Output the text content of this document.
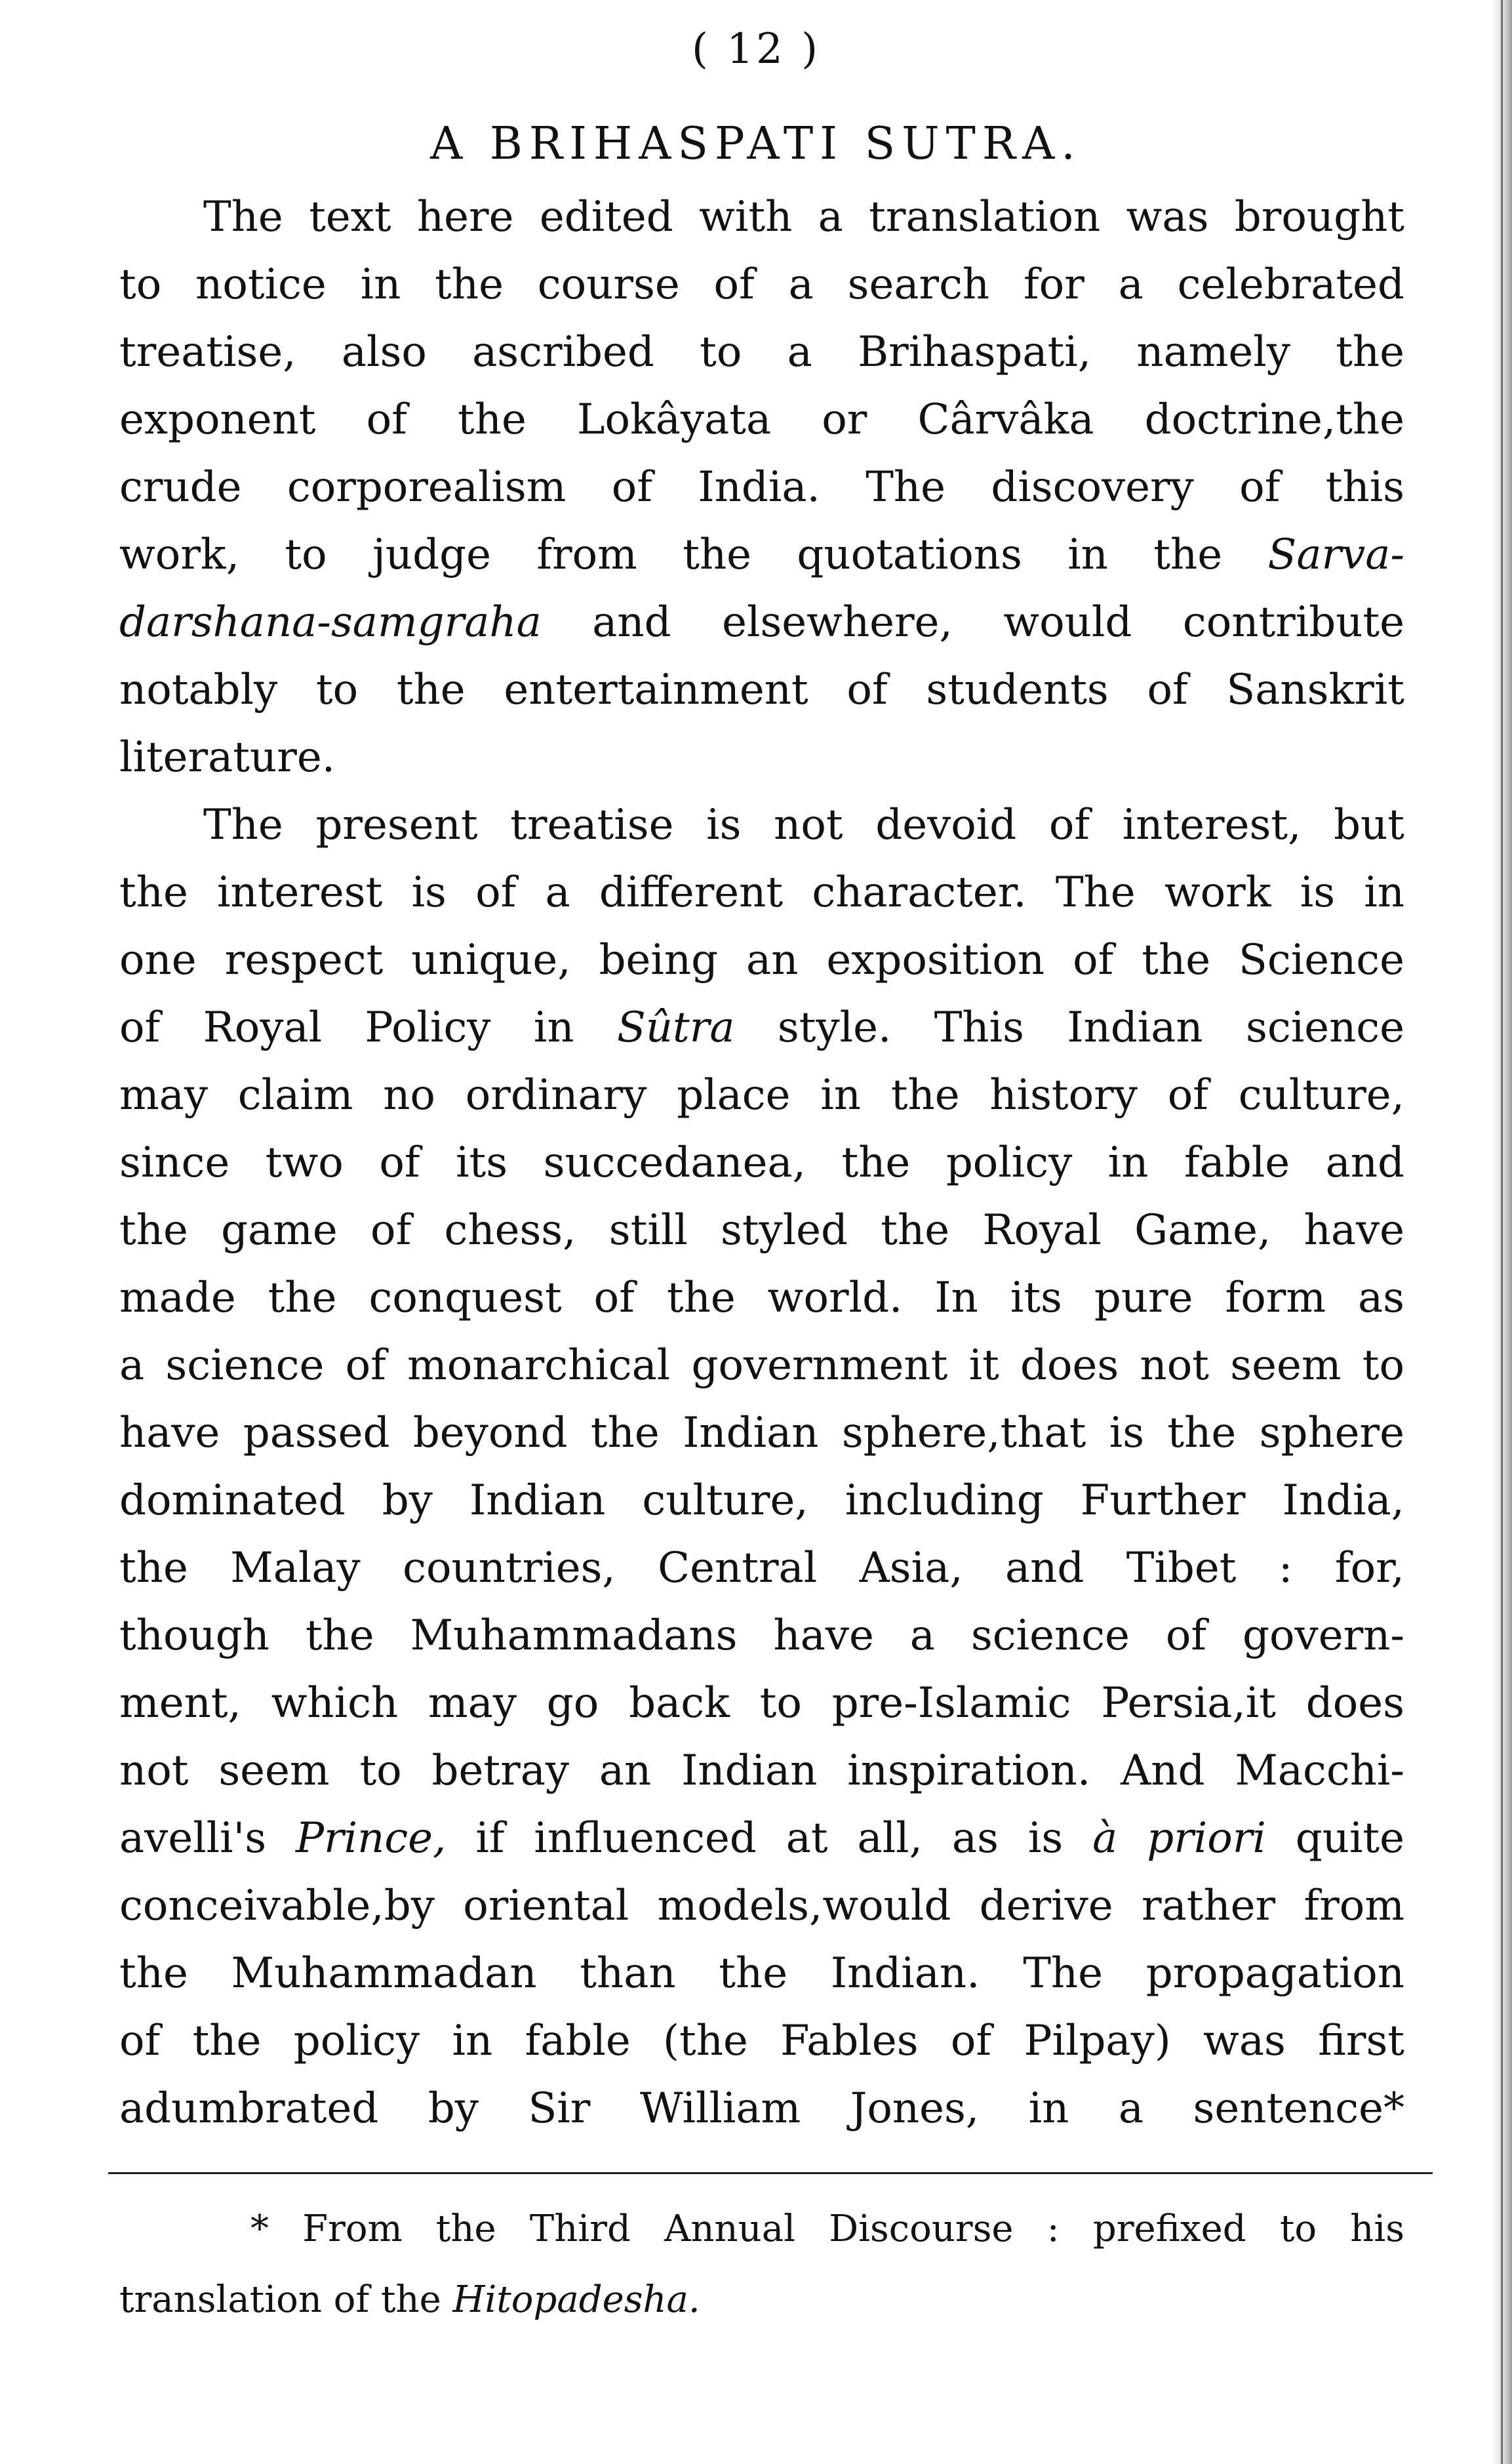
( 12 )
A BRIHASPATI SUTRA.
The text here edited with a translation was brought
to notice in the course of a search for a celebrated
treatise, also ascribed to a Brihaspati, namely the
exponent of the Lokâyata or Cârvâka doctrine,the
crude corporealism of India. The discovery of this
work, to judge from the quotations in the Sarva-
darshana-samgraha and elsewhere, would contribute
notably to the entertainment of students of Sanskrit
literature.
The present treatise is not devoid of interest, but
the interest is of a different character. The work is in
one respect unique, being an exposition of the Science
of Royal Policy in Sûtra style. This Indian science
may claim no ordinary place in the history of culture,
since two of its succedanea, the policy in fable and
the game of chess, still styled the Royal Game, have
made the conquest of the world. In its pure form as
a science of monarchical government it does not seem to
have passed beyond the Indian sphere,that is the sphere
dominated by Indian culture, including Further India,
the Malay countries, Central Asia, and Tibet : for,
though the Muhammadans have a science of govern-
ment, which may go back to pre-Islamic Persia,it does
not seem to betray an Indian inspiration. And Macchi-
avelli's Prince, if influenced at all, as is à priori quite
conceivable,by oriental models,would derive rather from
the Muhammadan than the Indian. The propagation
of the policy in fable (the Fables of Pilpay) was first
adumbrated by Sir William Jones, in a sentence*
* From the Third Annual Discourse : prefixed to his
translation of the Hitopadesha.
